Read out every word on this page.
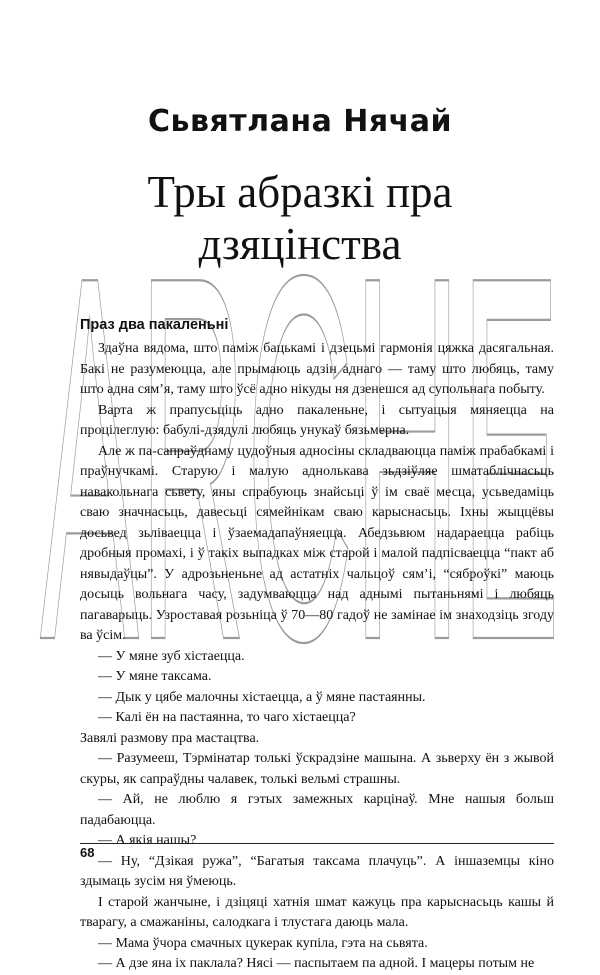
Сьвятлана Нячай
Тры абразкі пра
дзяцінства
ARCHE
Праз два пакаленьні

Здаўна вядома, што паміж бацькамі і дзецьмі гармонія цяжка дасягальная. Бакі не разумеюцца, але прымаюць адзін аднаго — таму што любяць, таму што адна сям’я, таму што ўсё адно нікуды ня дзенешся ад супольнага побыту.

Варта ж прапусьціць адно пакаленьне, і сытуацыя мяняецца на процілеглую: бабулі-дзядулі любяць унукаў бязьмерна.

Але ж па-сапраўднаму цудоўныя адносіны складваюцца паміж прабабкамі і праўнучкамі. Старую і малую аднолькава зьдзіўляе шматаблічнасьць навакольнага сьвету, яны спрабуюць знайсьці ў ім сваё месца, усьведаміць сваю значнасьць, давесьці сямейнікам сваю карыснасьць. Іхны жыццёвы досьвед зьліваецца і ўзаемадапаўняецца. Абедзьвюм надараецца рабіць дробныя промахі, і ў такіх выпадках між старой і малой падпісваецца “пакт аб нявыдаўцы”. У адрозьненьне ад астатніх чальцоў сям’і, “сяброўкі” маюць досыць вольнага часу, задумваюцца над аднымі пытаньнямі і любяць пагаварыць. Узроставая розьніца ў 70—80 гадоў не замінае ім знаходзіць згоду ва ўсім.

— У мяне зуб хістаецца.

— У мяне таксама.

— Дык у цябе малочны хістаецца, а ў мяне пастаянны.

— Калі ён на пастаянна, то чаго хістаецца?

Завялі размову пра мастацтва.

— Разумееш, Тэрмінатар толькі ўскрадзіне машына. А зьверху ён з жывой скуры, як сапраўдны чалавек, толькі вельмі страшны.

— Ай, не люблю я гэтых замежных карцінаў. Мне нашыя больш падабаюцца.

— А якія нашы?

— Ну, “Дзікая ружа”, “Багатыя таксама плачуць”. А іншаземцы кіно здымаць зусім ня ўмеюць.

І старой жанчыне, і дзіцяці хатнія шмат кажуць пра карыснасьць кашы й тварагу, а смажаніны, салодкага і тлустага даюць мала.

— Мама ўчора смачных цукерак купіла, гэта на сьвята.

— А дзе яна іх паклала? Нясі — паспытаем па адной. І мацеры потым не

68
